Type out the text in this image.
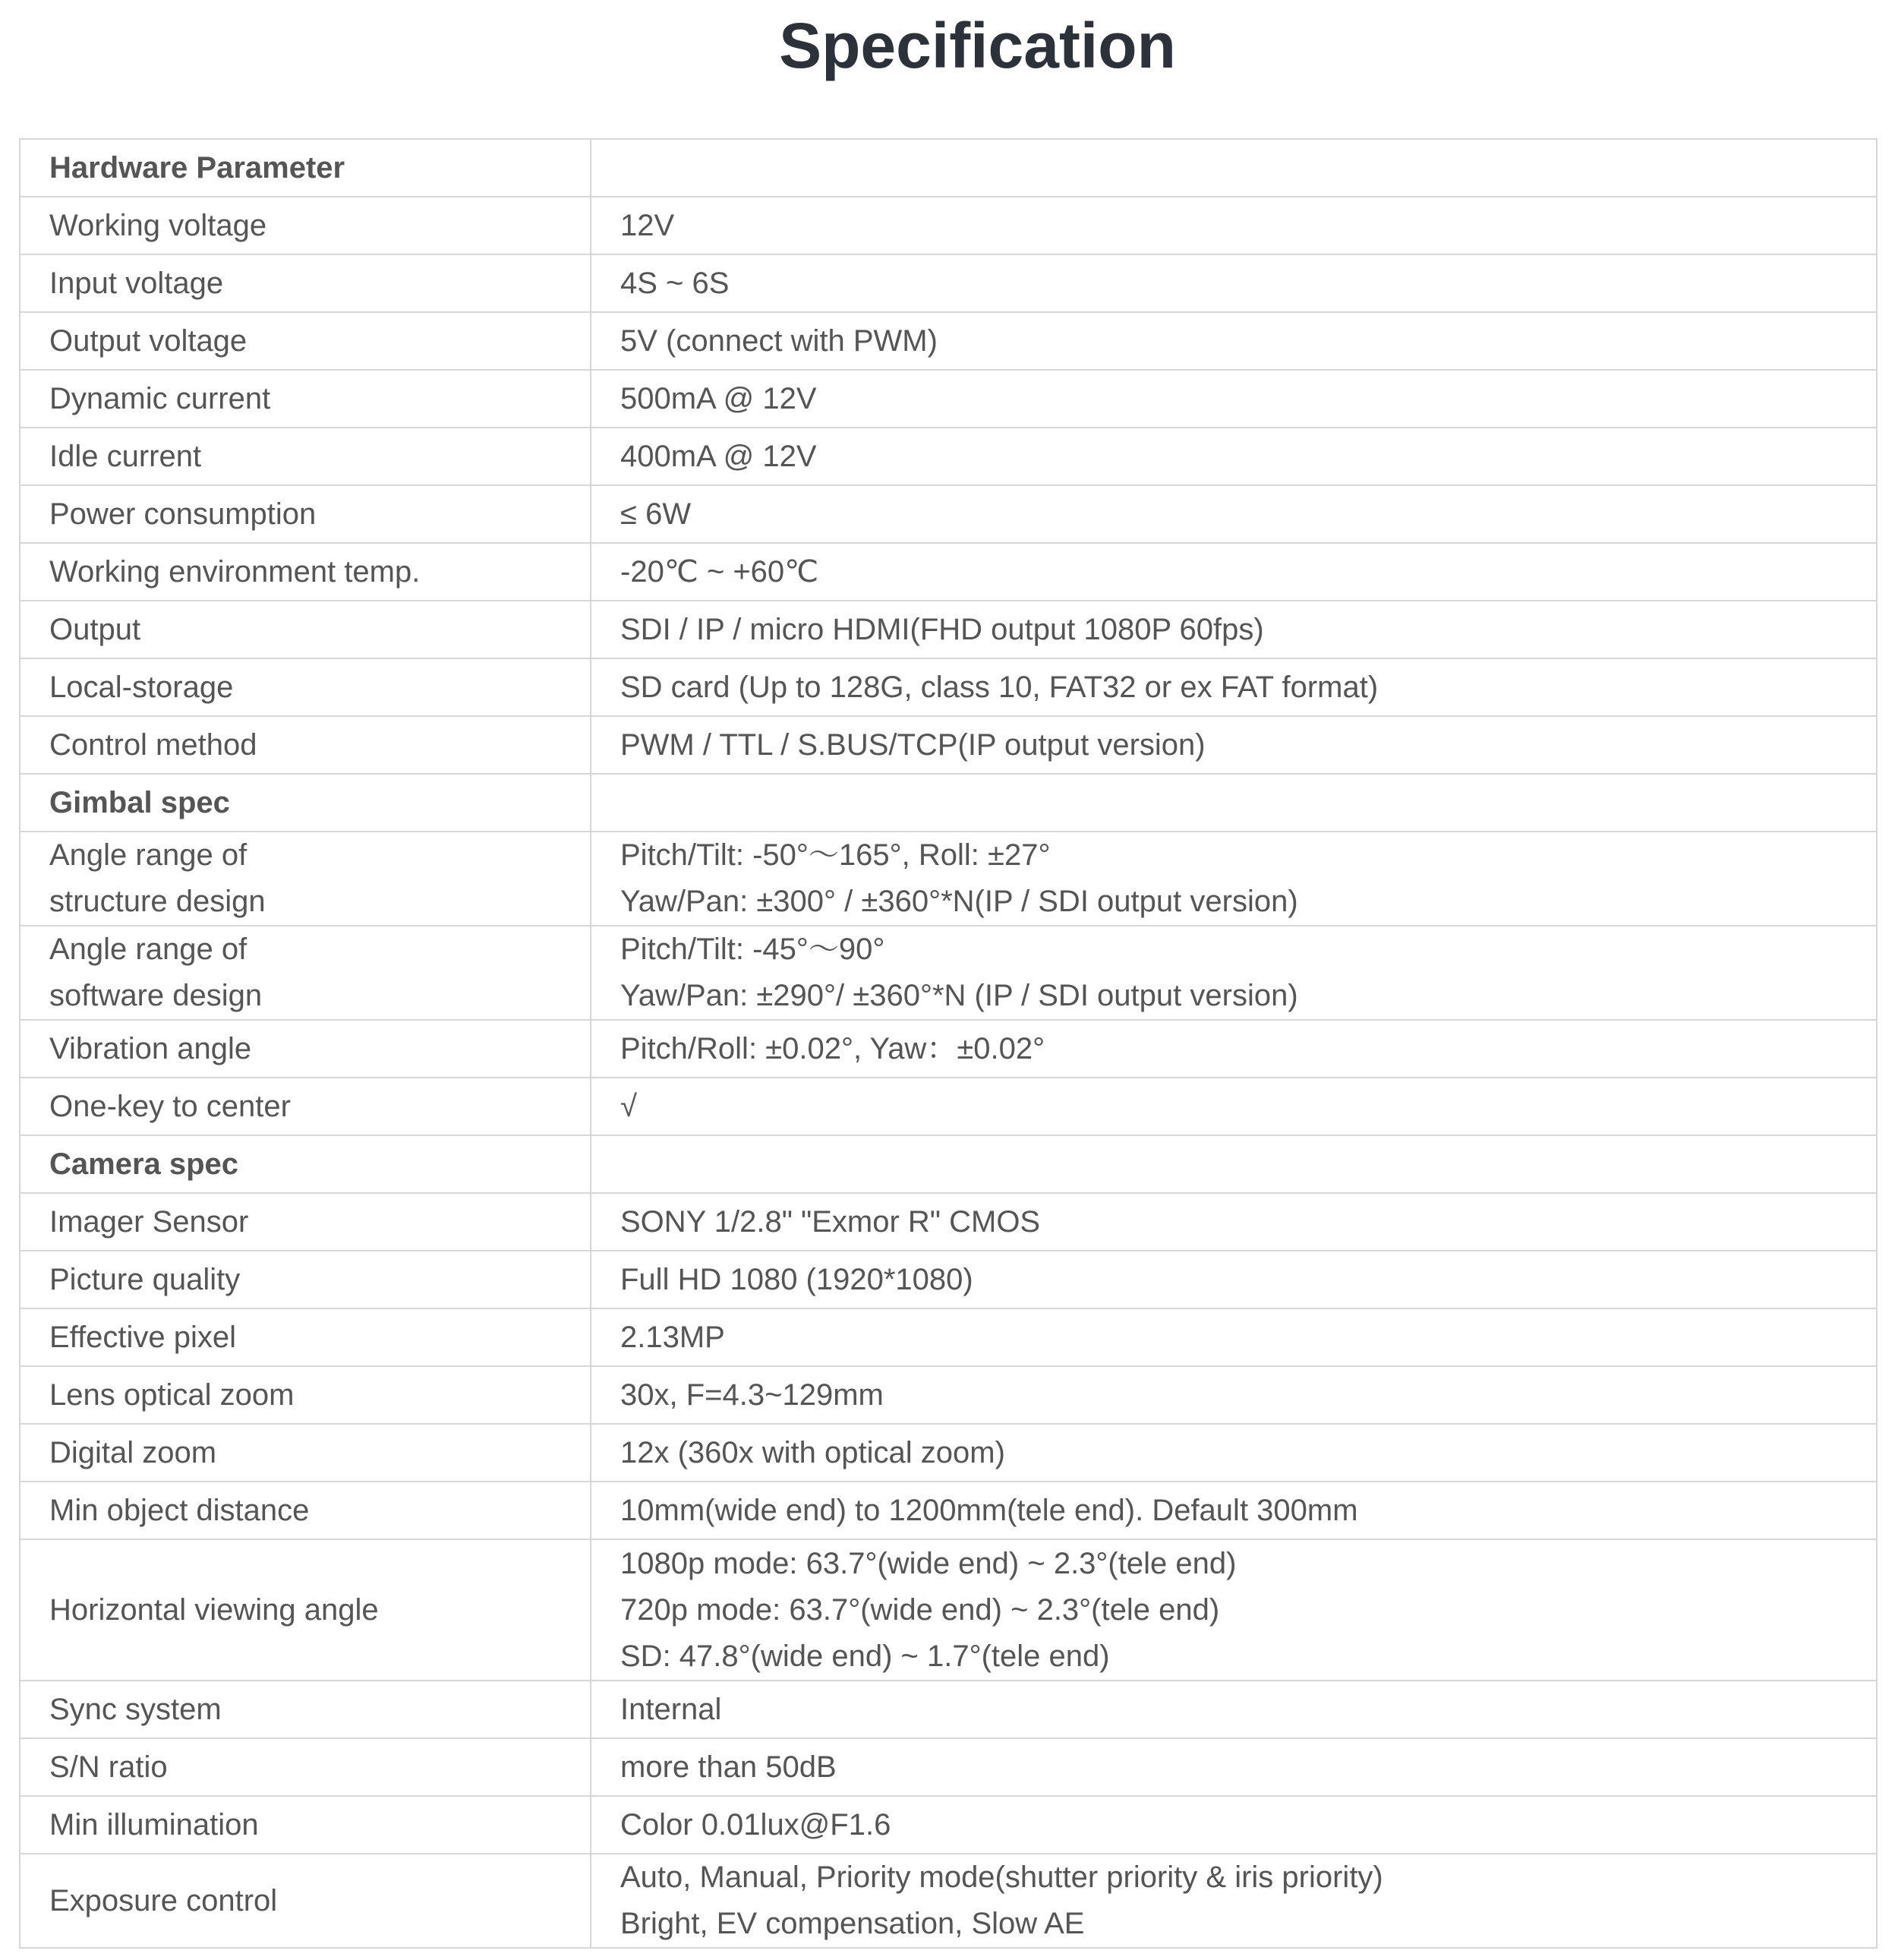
Specification
Hardware Parameter	

Working voltage	12V

Input voltage	4S ~ 6S

Output voltage	5V (connect with PWM)

Dynamic current	500mA @ 12V

Idle current	400mA @ 12V

Power consumption	≤ 6W

Working environment temp.	-20℃ ~ +60℃

Output	SDI / IP / micro HDMI(FHD output 1080P 60fps)

Local-storage	SD card (Up to 128G, class 10, FAT32 or ex FAT format)

Control method	PWM / TTL / S.BUS/TCP(IP output version)

Gimbal spec	

Angle range of
structure design	Pitch/Tilt: -50°～165°, Roll: ±27°
Yaw/Pan: ±300° / ±360°*N(IP / SDI output version)

Angle range of
software design	Pitch/Tilt: -45°～90°
Yaw/Pan: ±290°/ ±360°*N (IP / SDI output version)

Vibration angle	Pitch/Roll: ±0.02°, Yaw：±0.02°

One-key to center	√

Camera spec	

Imager Sensor	SONY 1/2.8" "Exmor R" CMOS

Picture quality	Full HD 1080 (1920*1080)

Effective pixel	2.13MP

Lens optical zoom	30x, F=4.3~129mm

Digital zoom	12x (360x with optical zoom)

Min object distance	10mm(wide end) to 1200mm(tele end). Default 300mm

Horizontal viewing angle	1080p mode: 63.7°(wide end) ~ 2.3°(tele end)
720p mode: 63.7°(wide end) ~ 2.3°(tele end)
SD: 47.8°(wide end) ~ 1.7°(tele end)

Sync system	Internal

S/N ratio	more than 50dB

Min illumination	Color 0.01lux@F1.6

Exposure control	Auto, Manual, Priority mode(shutter priority & iris priority)
Bright, EV compensation, Slow AE
